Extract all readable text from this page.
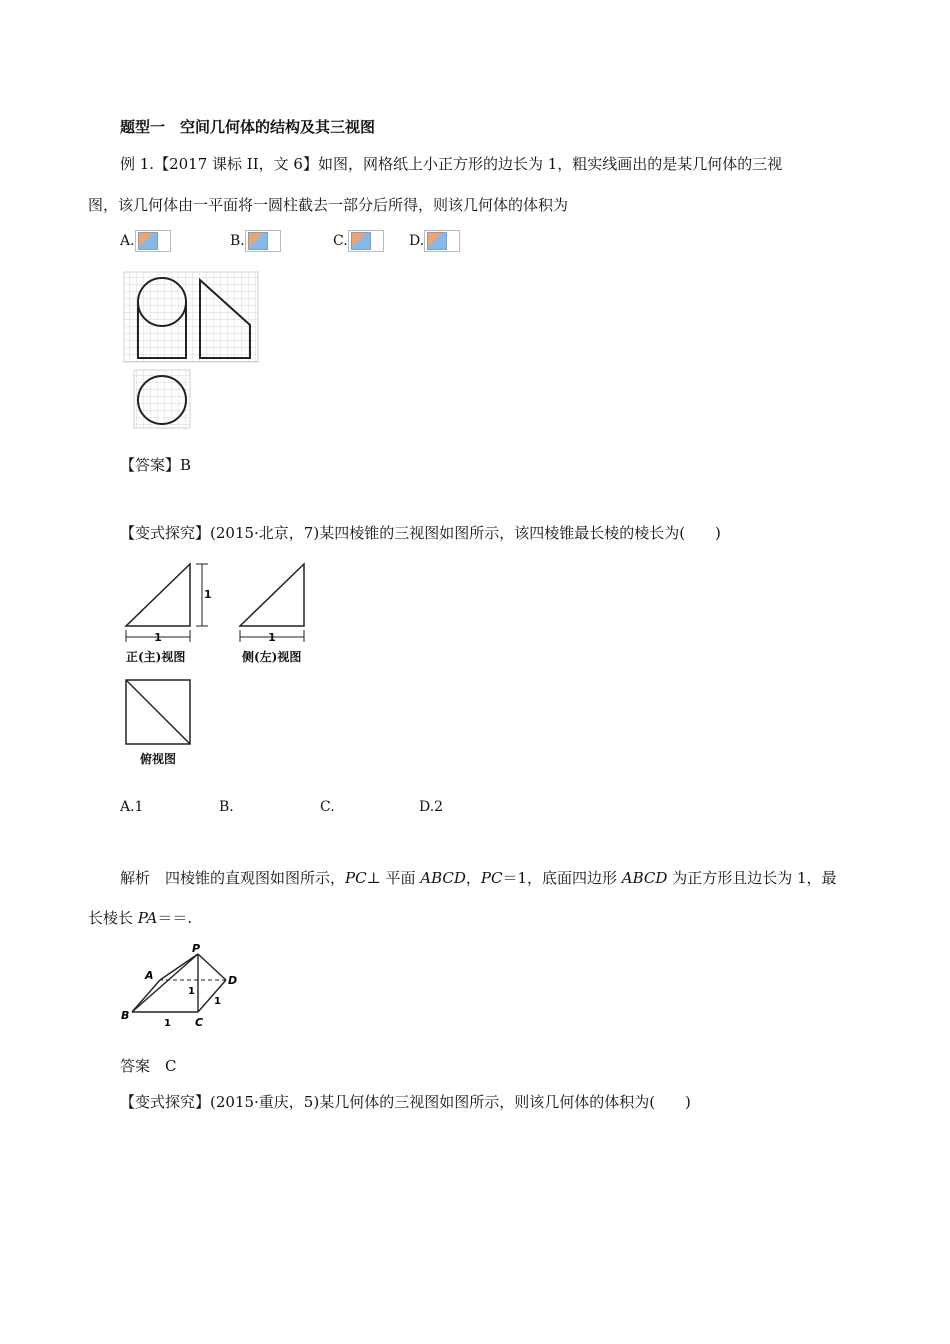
题型一　空间几何体的结构及其三视图
例 1.【2017 课标 II，文 6】如图，网格纸上小正方形的边长为 1，粗实线画出的是某几何体的三视
图，该几何体由一平面将一圆柱截去一部分后所得，则该几何体的体积为
A.	B.	C.	D.
【答案】B
【变式探究】(2015·北京，7)某四棱锥的三视图如图所示，该四棱锥最长棱的棱长为(　　)
1
1
1
正(主)视图	侧(左)视图
俯视图
A.1	B.	C.	D.2
解析　四棱锥的直观图如图所示，PC⊥ 平面 ABCD，PC＝1，底面四边形 ABCD 为正方形且边长为 1，最
长棱长 PA＝＝.
P
A
B
C
D
1
1
1
答案　C
【变式探究】(2015·重庆，5)某几何体的三视图如图所示，则该几何体的体积为(　　)
